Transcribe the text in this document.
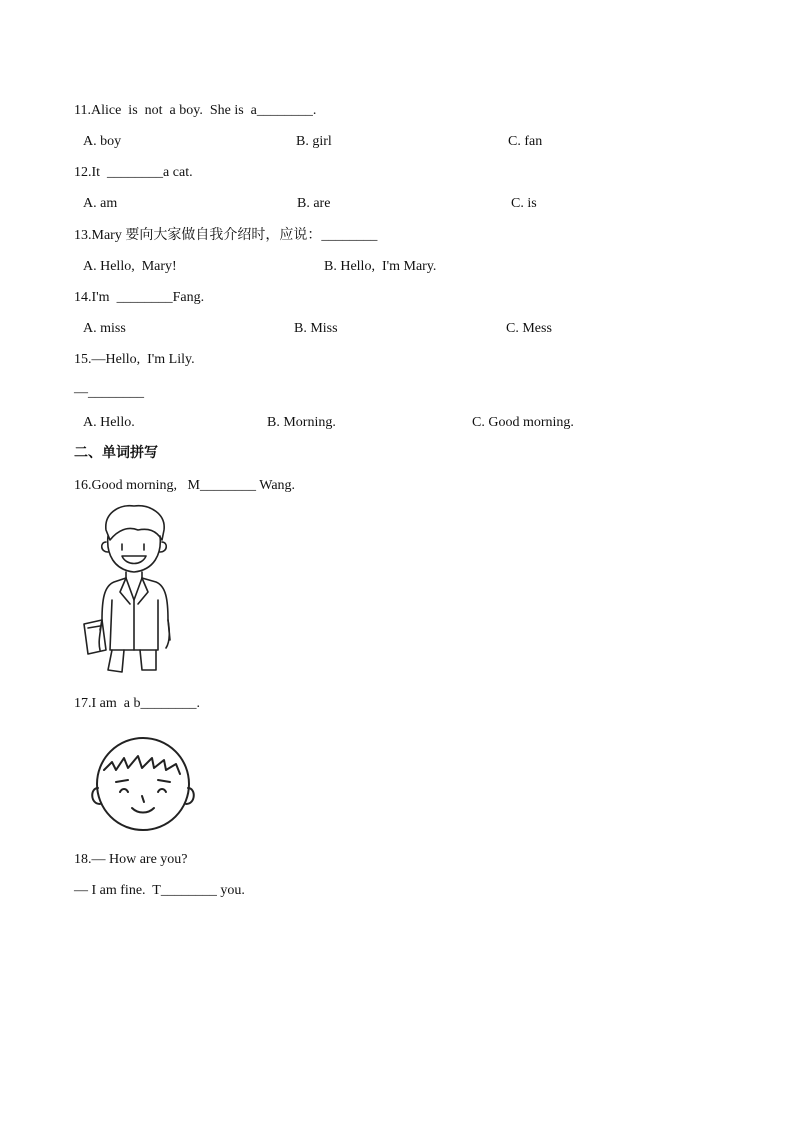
11.Alice  is  not  a boy.  She is  a________.
A. boy	B. girl	C. fan
12.It  ________a cat.
A. am	B. are	C. is
13.Mary 要向大家做自我介绍时，应说：________
A. Hello,  Mary!	B. Hello,  I'm Mary.
14.I'm  ________Fang.
A. miss	B. Miss	C. Mess
15.—Hello,  I'm Lily.
—________
A. Hello.	B. Morning.	C. Good morning.
二、单词拼写
16.Good morning,   M________ Wang.
17.I am  a b________.
18.— How are you?
— I am fine.  T________ you.
